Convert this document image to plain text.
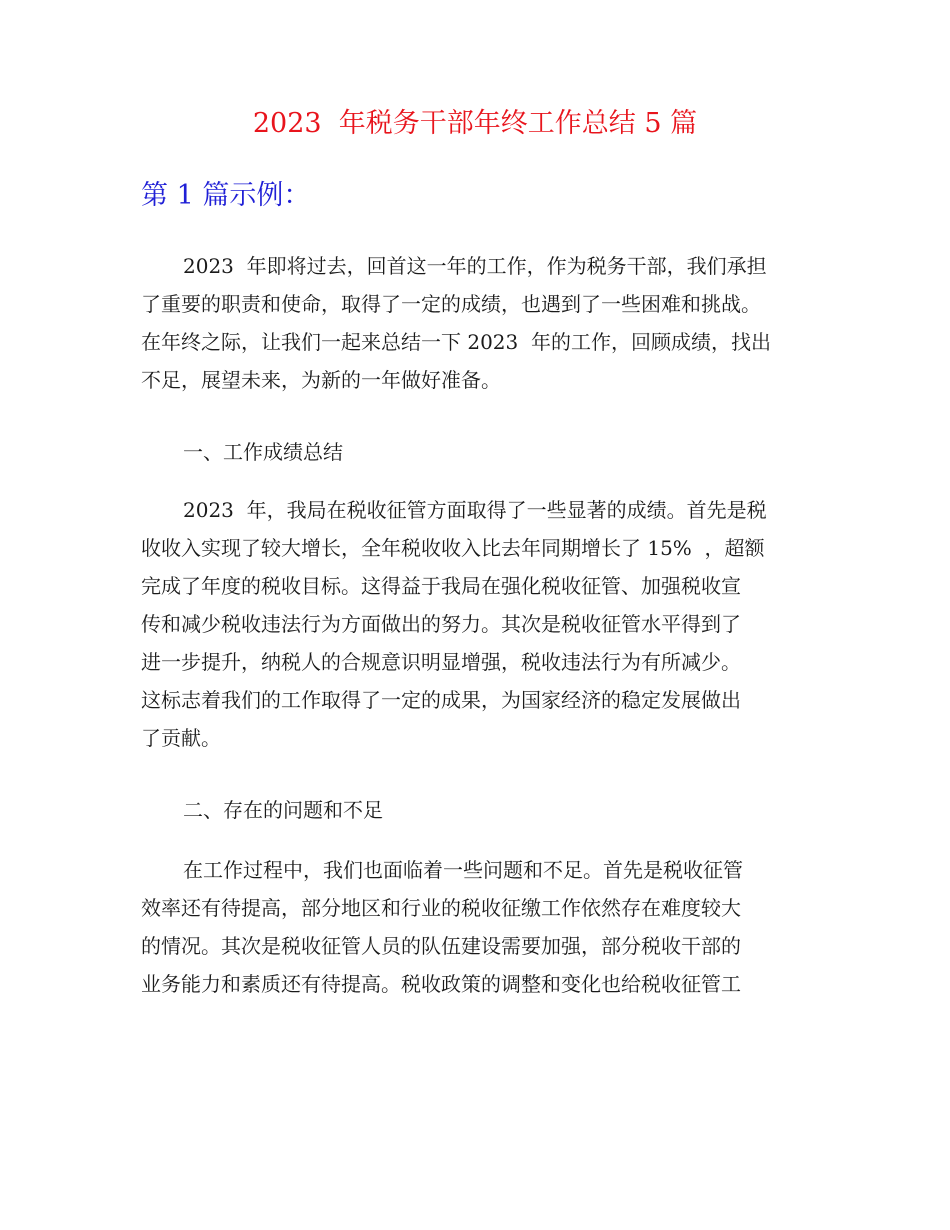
2023  年税务干部年终工作总结 5 篇
第 1 篇示例：

2023  年即将过去，回首这一年的工作，作为税务干部，我们承担

了重要的职责和使命，取得了一定的成绩，也遇到了一些困难和挑战。

在年终之际，让我们一起来总结一下 2023  年的工作，回顾成绩，找出

不足，展望未来，为新的一年做好准备。

一、工作成绩总结

2023  年，我局在税收征管方面取得了一些显著的成绩。首先是税

收收入实现了较大增长，全年税收收入比去年同期增长了 15%  ，超额

完成了年度的税收目标。这得益于我局在强化税收征管、加强税收宣

传和减少税收违法行为方面做出的努力。其次是税收征管水平得到了

进一步提升，纳税人的合规意识明显增强，税收违法行为有所减少。

这标志着我们的工作取得了一定的成果，为国家经济的稳定发展做出

了贡献。

二、存在的问题和不足

在工作过程中，我们也面临着一些问题和不足。首先是税收征管

效率还有待提高，部分地区和行业的税收征缴工作依然存在难度较大

的情况。其次是税收征管人员的队伍建设需要加强，部分税收干部的

业务能力和素质还有待提高。税收政策的调整和变化也给税收征管工
